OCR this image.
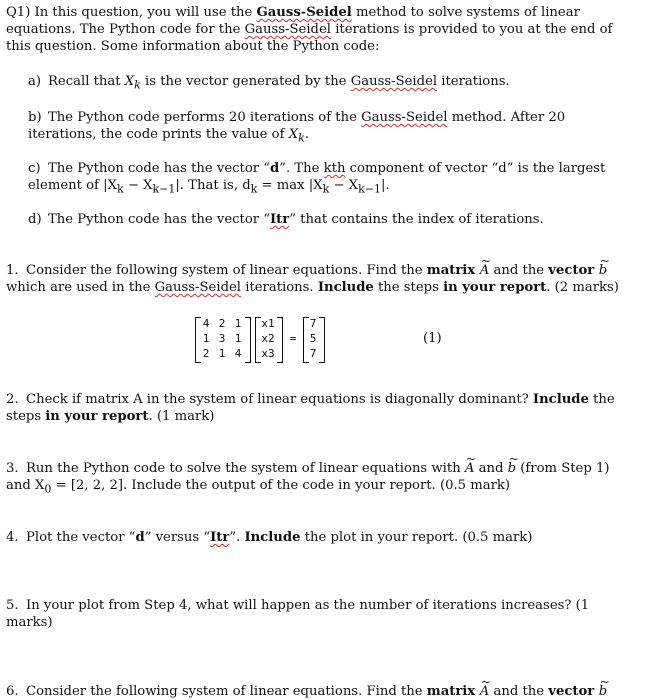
Q1) In this question, you will use the Gauss-Seidel method to solve systems of linear equations. The Python code for the Gauss-Seidel iterations is provided to you at the end of this question. Some information about the Python code:
a) Recall that $X_k$ is the vector generated by the Gauss-Seidel iterations.
b) The Python code performs 20 iterations of the Gauss-Seidel method. After 20 iterations, the code prints the value of $X_k$.
c) The Python code has the vector “d”. The kth component of vector “d” is the largest element of $|X_k - X_{k-1}|$. That is, $d_k = \max |X_k - X_{k-1}|$.
d) The Python code has the vector “Itr” that contains the index of iterations.
1. Consider the following system of linear equations. Find the matrix ~ A and the vector ~ b which are used in the Gauss-Seidel iterations. Include the steps in your report. (2 marks)
4 2 1
1 3 1
2 1 4
x1
x2
x3
=
7
5
7
(1)
2. Check if matrix A in the system of linear equations is diagonally dominant? Include the steps in your report. (1 mark)
3. Run the Python code to solve the system of linear equations with ~ A and ~ b (from Step 1) and $X_0 = [2$, 2, 2]. Include the output of the code in your report. (0.5 mark)
4. Plot the vector “d” versus “Itr”. Include the plot in your report. (0.5 mark)
5. In your plot from Step 4, what will happen as the number of iterations increases? (1 marks)
6. Consider the following system of linear equations. Find the matrix ~ A and the vector ~ b
